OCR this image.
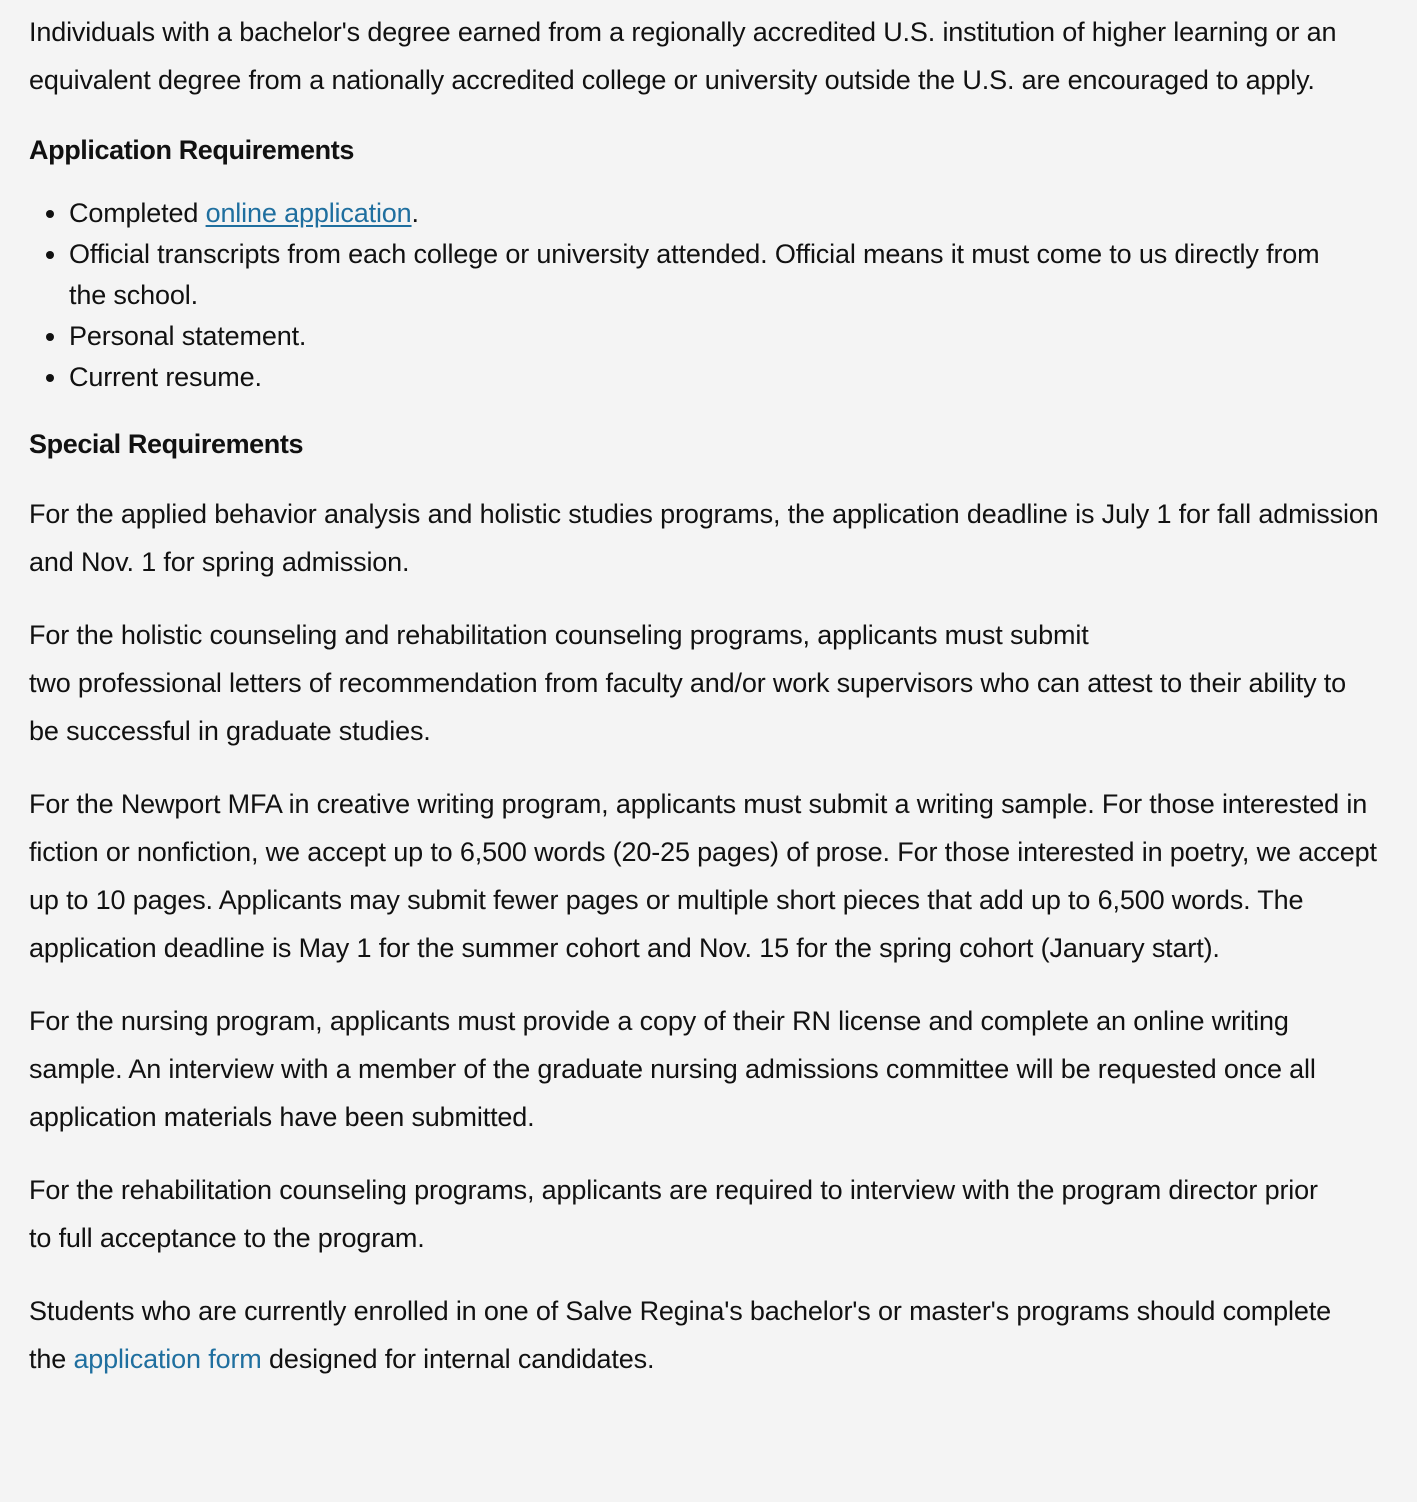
Individuals with a bachelor's degree earned from a regionally accredited U.S. institution of higher learning or an equivalent degree from a nationally accredited college or university outside the U.S. are encouraged to apply.

Application Requirements
• Completed online application.
• Official transcripts from each college or university attended. Official means it must come to us directly from the school.
• Personal statement.
• Current resume.
Special Requirements

For the applied behavior analysis and holistic studies programs, the application deadline is July 1 for fall admission and Nov. 1 for spring admission.

For the holistic counseling and rehabilitation counseling programs, applicants must submit

two professional letters of recommendation from faculty and/or work supervisors who can attest to their ability to be successful in graduate studies.

For the Newport MFA in creative writing program, applicants must submit a writing sample. For those interested in fiction or nonfiction, we accept up to 6,500 words (20-25 pages) of prose. For those interested in poetry, we accept up to 10 pages. Applicants may submit fewer pages or multiple short pieces that add up to 6,500 words. The application deadline is May 1 for the summer cohort and Nov. 15 for the spring cohort (January start).

For the nursing program, applicants must provide a copy of their RN license and complete an online writing sample. An interview with a member of the graduate nursing admissions committee will be requested once all application materials have been submitted.

For the rehabilitation counseling programs, applicants are required to interview with the program director prior to full acceptance to the program.

Students who are currently enrolled in one of Salve Regina's bachelor's or master's programs should complete the application form designed for internal candidates.
